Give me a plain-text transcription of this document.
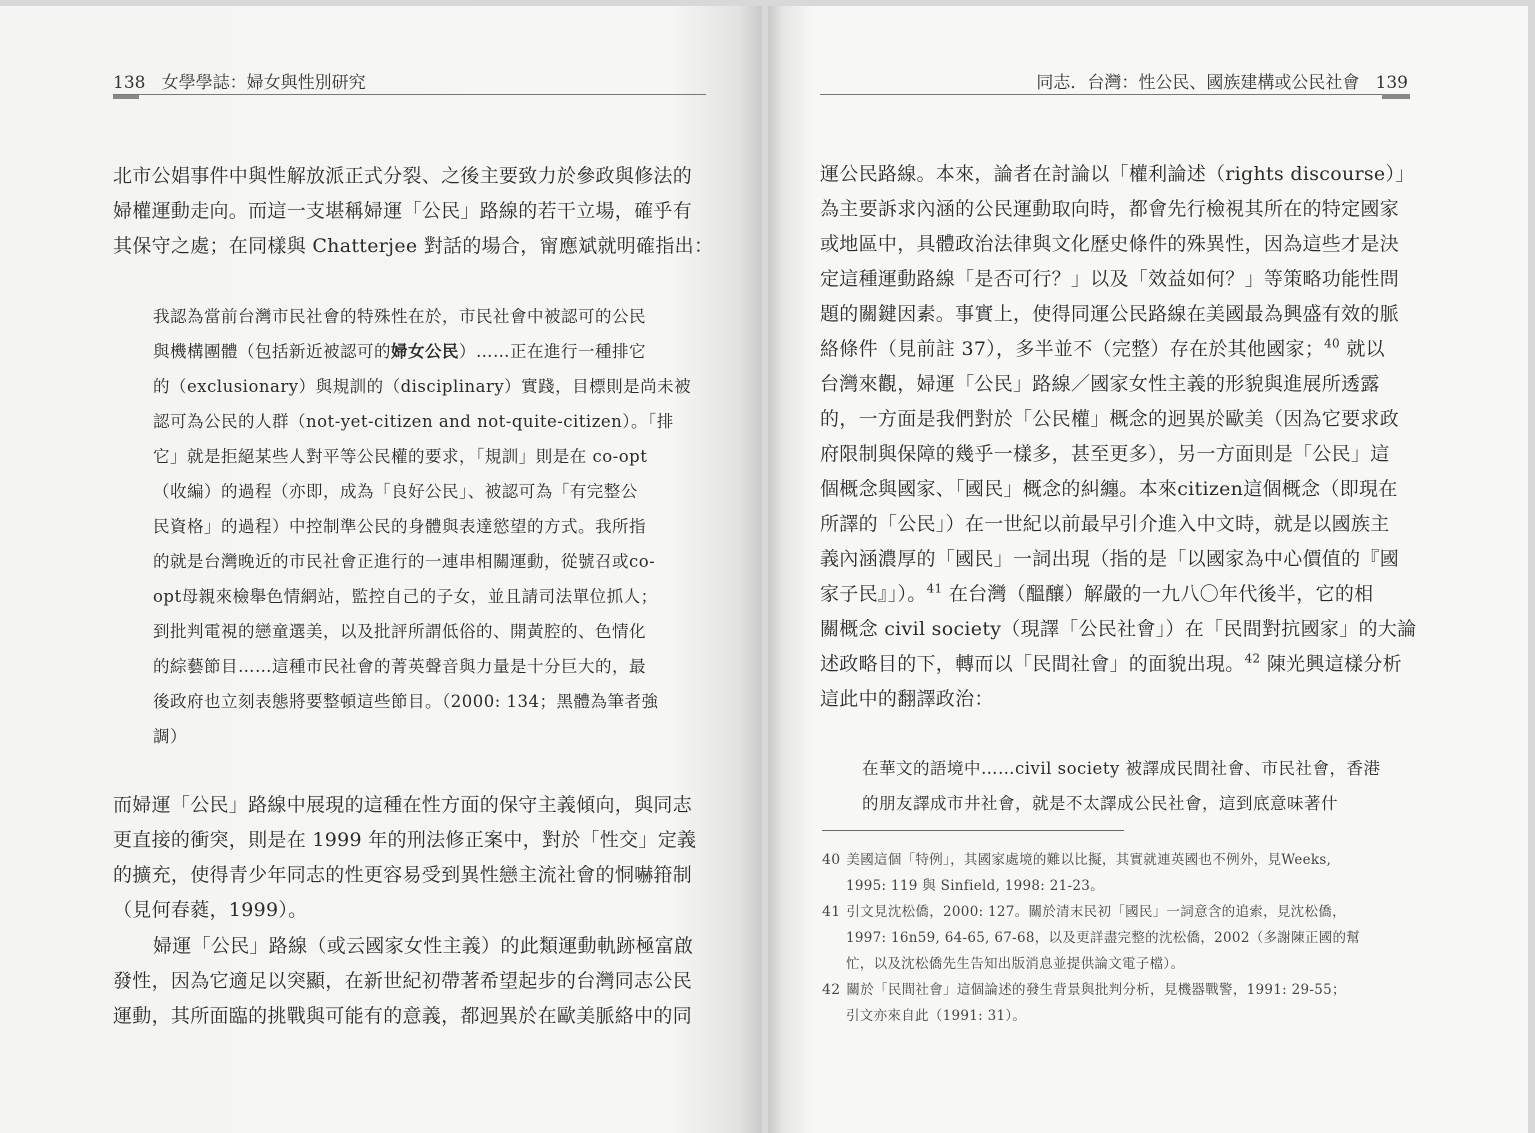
138 女學學誌：婦女與性別研究
北市公娼事件中與性解放派正式分裂、之後主要致力於參政與修法的
婦權運動走向。而這一支堪稱婦運「公民」路線的若干立場，確乎有
其保守之處；在同樣與 Chatterjee 對話的場合，甯應斌就明確指出：
我認為當前台灣市民社會的特殊性在於，市民社會中被認可的公民
與機構團體（包括新近被認可的婦女公民）……正在進行一種排它
的（exclusionary）與規訓的（disciplinary）實踐，目標則是尚未被
認可為公民的人群（not-yet-citizen and not-quite-citizen）。「排
它」就是拒絕某些人對平等公民權的要求，「規訓」則是在 co-opt
（收編）的過程（亦即，成為「良好公民」、被認可為「有完整公
民資格」的過程）中控制準公民的身體與表達慾望的方式。我所指
的就是台灣晚近的市民社會正進行的一連串相關運動，從號召或co-
opt母親來檢舉色情網站，監控自己的子女，並且請司法單位抓人；
到批判電視的戀童選美，以及批評所謂低俗的、開黃腔的、色情化
的綜藝節目……這種市民社會的菁英聲音與力量是十分巨大的，最
後政府也立刻表態將要整頓這些節目。（2000: 134；黑體為筆者強
調）
而婦運「公民」路線中展現的這種在性方面的保守主義傾向，與同志
更直接的衝突，則是在 1999 年的刑法修正案中，對於「性交」定義
的擴充，使得青少年同志的性更容易受到異性戀主流社會的恫嚇箝制
（見何春蕤，1999）。
婦運「公民」路線（或云國家女性主義）的此類運動軌跡極富啟
發性，因為它適足以突顯，在新世紀初帶著希望起步的台灣同志公民
運動，其所面臨的挑戰與可能有的意義，都迥異於在歐美脈絡中的同
同志．台灣：性公民、國族建構或公民社會 139
運公民路線。本來，論者在討論以「權利論述（rights discourse）」
為主要訴求內涵的公民運動取向時，都會先行檢視其所在的特定國家
或地區中，具體政治法律與文化歷史條件的殊異性，因為這些才是決
定這種運動路線「是否可行？」以及「效益如何？」等策略功能性問
題的關鍵因素。事實上，使得同運公民路線在美國最為興盛有效的脈
絡條件（見前註 37），多半並不（完整）存在於其他國家；$^{40}$ 就以
台灣來觀，婦運「公民」路線／國家女性主義的形貌與進展所透露
的，一方面是我們對於「公民權」概念的迥異於歐美（因為它要求政
府限制與保障的幾乎一樣多，甚至更多），另一方面則是「公民」這
個概念與國家、「國民」概念的糾纏。本來citizen這個概念（即現在
所譯的「公民」）在一世紀以前最早引介進入中文時，就是以國族主
義內涵濃厚的「國民」一詞出現（指的是「以國家為中心價值的『國
家子民』」）。$^{41}$ 在台灣（醞釀）解嚴的一九八〇年代後半，它的相
關概念 civil society（現譯「公民社會」）在「民間對抗國家」的大論
述政略目的下，轉而以「民間社會」的面貌出現。$^{42}$ 陳光興這樣分析
這此中的翻譯政治：
在華文的語境中……civil society 被譯成民間社會、市民社會，香港
的朋友譯成市井社會，就是不太譯成公民社會，這到底意味著什
40 美國這個「特例」，其國家處境的難以比擬，其實就連英國也不例外，見Weeks,
1995: 119 與 Sinfield, 1998: 21-23。
41 引文見沈松僑，2000: 127。關於清末民初「國民」一詞意含的追索，見沈松僑，
1997: 16n59, 64-65, 67-68，以及更詳盡完整的沈松僑，2002（多謝陳正國的幫
忙，以及沈松僑先生告知出版消息並提供論文電子檔）。
42 關於「民間社會」這個論述的發生背景與批判分析，見機器戰警，1991: 29-55；
引文亦來自此（1991: 31）。
